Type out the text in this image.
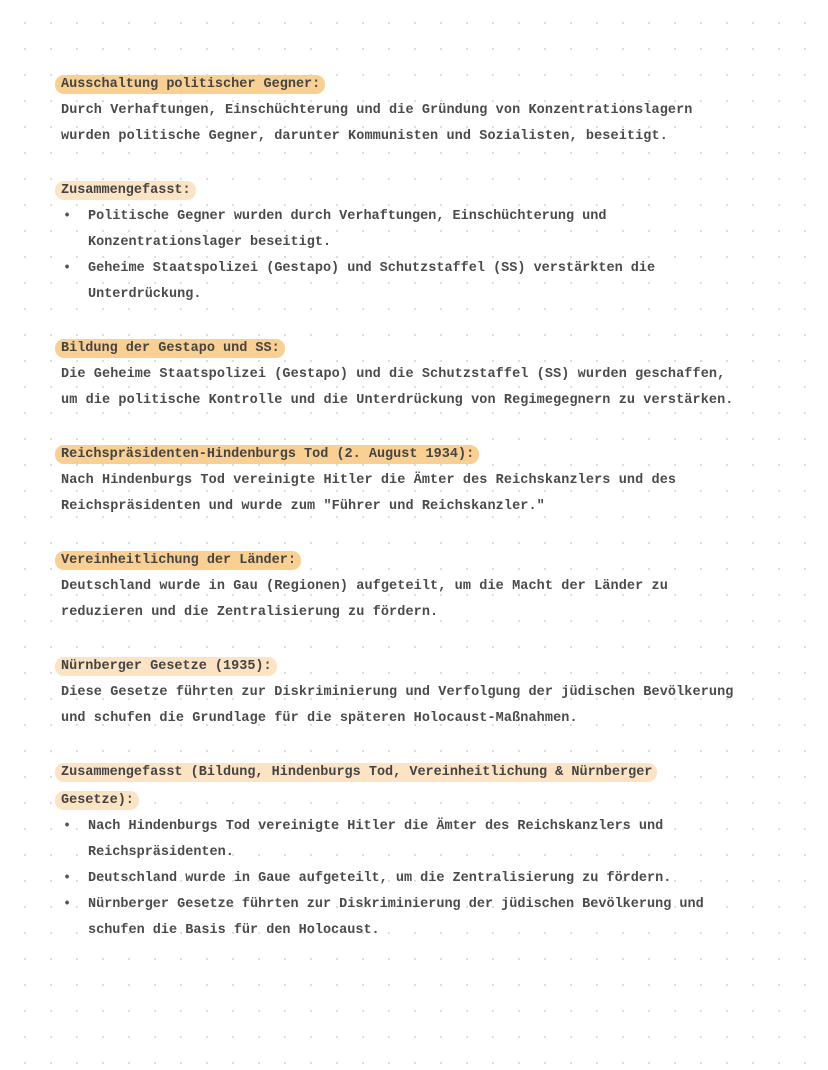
Ausschaltung politischer Gegner:
Durch Verhaftungen, Einschüchterung und die Gründung von Konzentrationslagern
wurden politische Gegner, darunter Kommunisten und Sozialisten, beseitigt.
Zusammengefasst:
• Politische Gegner wurden durch Verhaftungen, Einschüchterung und
Konzentrationslager beseitigt.
• Geheime Staatspolizei (Gestapo) und Schutzstaffel (SS) verstärkten die
Unterdrückung.
Bildung der Gestapo und SS:
Die Geheime Staatspolizei (Gestapo) und die Schutzstaffel (SS) wurden geschaffen,
um die politische Kontrolle und die Unterdrückung von Regimegegnern zu verstärken.
Reichspräsidenten-Hindenburgs Tod (2. August 1934):
Nach Hindenburgs Tod vereinigte Hitler die Ämter des Reichskanzlers und des
Reichspräsidenten und wurde zum "Führer und Reichskanzler."
Vereinheitlichung der Länder:
Deutschland wurde in Gau (Regionen) aufgeteilt, um die Macht der Länder zu
reduzieren und die Zentralisierung zu fördern.
Nürnberger Gesetze (1935):
Diese Gesetze führten zur Diskriminierung und Verfolgung der jüdischen Bevölkerung
und schufen die Grundlage für die späteren Holocaust-Maßnahmen.
Zusammengefasst (Bildung, Hindenburgs Tod, Vereinheitlichung & Nürnberger
Gesetze):
• Nach Hindenburgs Tod vereinigte Hitler die Ämter des Reichskanzlers und
Reichspräsidenten.
• Deutschland wurde in Gaue aufgeteilt, um die Zentralisierung zu fördern.
• Nürnberger Gesetze führten zur Diskriminierung der jüdischen Bevölkerung und
schufen die Basis für den Holocaust.
